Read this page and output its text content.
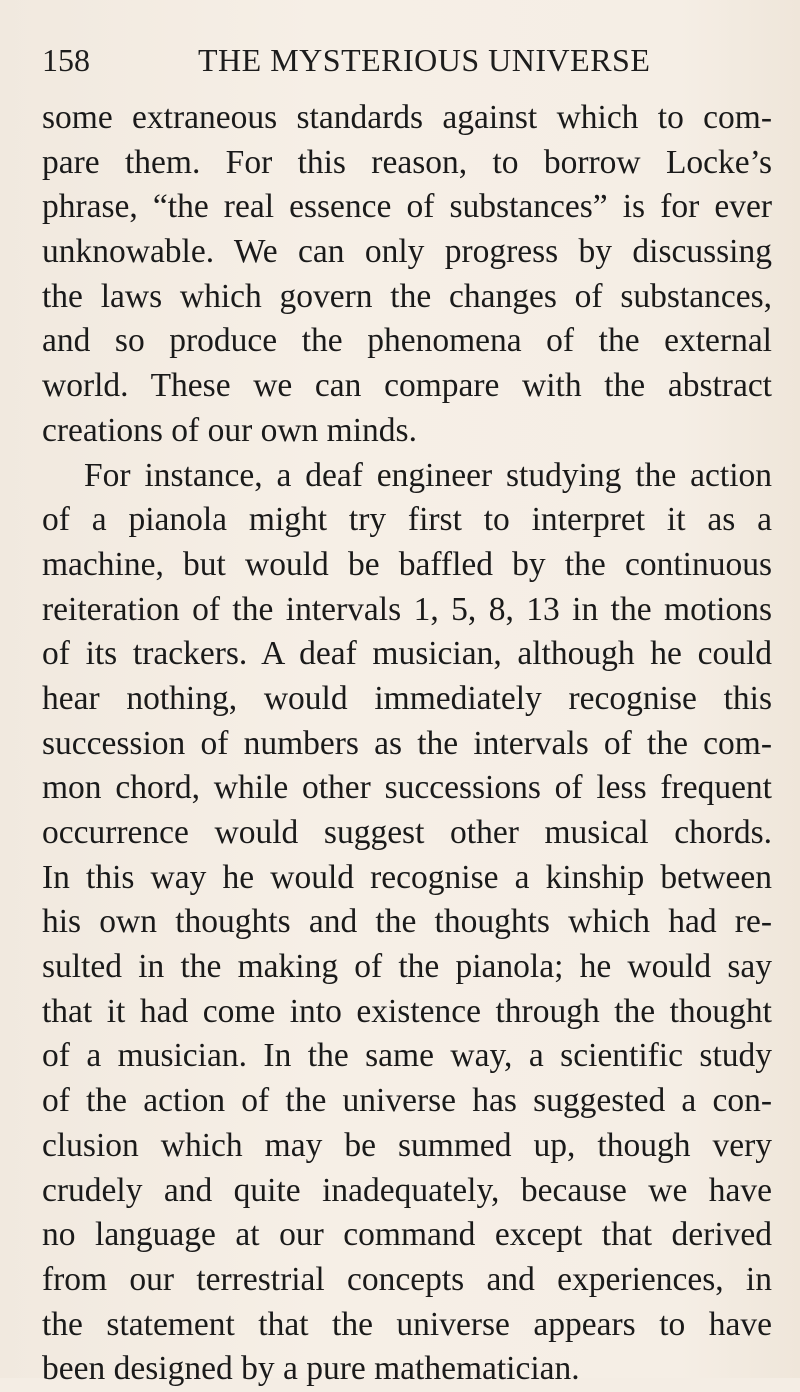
158	THE MYSTERIOUS UNIVERSE
some extraneous standards against which to com-
pare them. For this reason, to borrow Locke’s
phrase, “the real essence of substances” is for ever
unknowable. We can only progress by discussing
the laws which govern the changes of substances,
and so produce the phenomena of the external
world. These we can compare with the abstract
creations of our own minds.
For instance, a deaf engineer studying the action
of a pianola might try first to interpret it as a
machine, but would be baffled by the continuous
reiteration of the intervals 1, 5, 8, 13 in the motions
of its trackers. A deaf musician, although he could
hear nothing, would immediately recognise this
succession of numbers as the intervals of the com-
mon chord, while other successions of less frequent
occurrence would suggest other musical chords.
In this way he would recognise a kinship between
his own thoughts and the thoughts which had re-
sulted in the making of the pianola; he would say
that it had come into existence through the thought
of a musician. In the same way, a scientific study
of the action of the universe has suggested a con-
clusion which may be summed up, though very
crudely and quite inadequately, because we have
no language at our command except that derived
from our terrestrial concepts and experiences, in
the statement that the universe appears to have
been designed by a pure mathematician.
